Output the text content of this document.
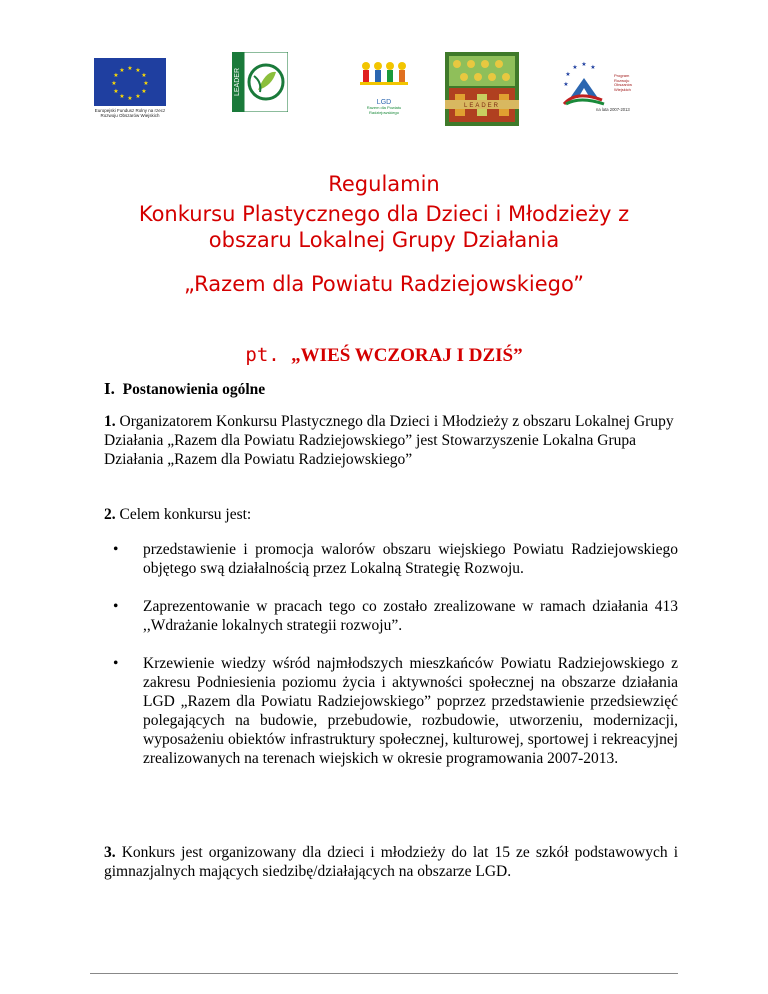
★ ★
★
★
★
★
★
★
★
★
★
★
Europejski Fundusz Rolny na rzecz
Rozwoju Obszarów Wiejskich
LEADER
LGD
Razem dla Powiatu
Radziejowskiego
LEADER
★
★
★ ★ ★
Program
Rozwoju
Obszarów
Wiejskich
na lata 2007-2013
Regulamin
Konkursu Plastycznego dla Dzieci i Młodzieży z
obszaru Lokalnej Grupy Działania
„Razem dla Powiatu Radziejowskiego”
pt. „WIEŚ WCZORAJ I DZIŚ”
I. Postanowienia ogólne
1. Organizatorem Konkursu Plastycznego dla Dzieci i Młodzieży z obszaru Lokalnej Grupy Działania „Razem dla Powiatu Radziejowskiego” jest Stowarzyszenie Lokalna Grupa Działania „Razem dla Powiatu Radziejowskiego”
2. Celem konkursu jest:
• przedstawienie i promocja walorów obszaru wiejskiego Powiatu Radziejowskiego objętego swą działalnością przez Lokalną Strategię Rozwoju.
• Zaprezentowanie w pracach tego co zostało zrealizowane w ramach działania 413 ,,Wdrażanie lokalnych strategii rozwoju”.
• Krzewienie wiedzy wśród najmłodszych mieszkańców Powiatu Radziejowskiego z zakresu Podniesienia poziomu życia i aktywności społecznej na obszarze działania LGD „Razem dla Powiatu Radziejowskiego” poprzez przedstawienie przedsiewzięć polegających na budowie, przebudowie, rozbudowie, utworzeniu, modernizacji, wyposażeniu obiektów infrastruktury społecznej, kulturowej, sportowej i rekreacyjnej zrealizowanych na terenach wiejskich w okresie programowania 2007-2013.
3. Konkurs jest organizowany dla dzieci i młodzieży do lat 15 ze szkół podstawowych i gimnazjalnych mających siedzibę/działających na obszarze LGD.
